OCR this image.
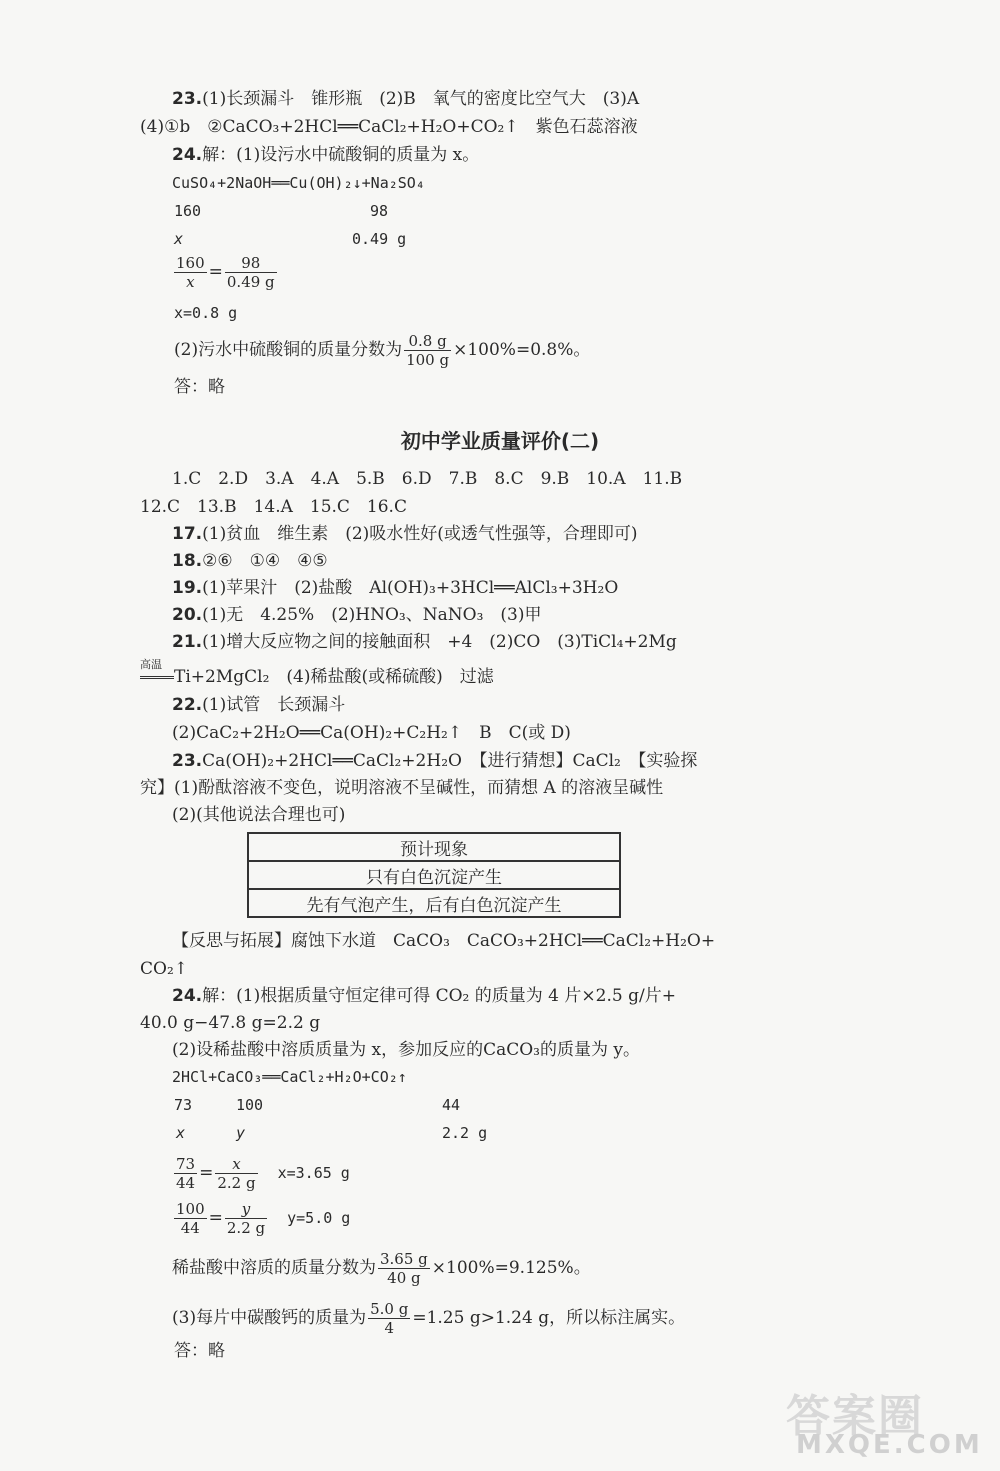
23.(1)长颈漏斗　锥形瓶　(2)B　氧气的密度比空气大　(3)A
(4)①b　②CaCO₃+2HCl══CaCl₂+H₂O+CO₂↑　紫色石蕊溶液
24.解：(1)设污水中硫酸铜的质量为 x。
CuSO₄+2NaOH══Cu(OH)₂↓+Na₂SO₄
160	98
x	0.49 g
$\frac{160}{x} = \frac{98}{0.49 g}$
x=0.8 g
(2)污水中硫酸铜的质量分数为 $\frac{0.8 g}{100 g} \times 100\%=0.8\%$。
答：略
初中学业质量评价(二)
1.C　2.D　3.A　4.A　5.B　6.D　7.B　8.C　9.B　10.A　11.B
12.C　13.B　14.A　15.C　16.C
17.(1)贫血　维生素　(2)吸水性好(或透气性强等，合理即可)
18.②⑥　①④　④⑤
19.(1)苹果汁　(2)盐酸　Al(OH)₃+3HCl══AlCl₃+3H₂O
20.(1)无　4.25%　(2)HNO₃、NaNO₃　(3)甲
21.(1)增大反应物之间的接触面积　+4　(2)CO　(3)TiCl₄+2Mg
高温
Ti+2MgCl₂　(4)稀盐酸(或稀硫酸)　过滤
22.(1)试管　长颈漏斗
(2)CaC₂+2H₂O══Ca(OH)₂+C₂H₂↑　B　C(或 D)
23.Ca(OH)₂+2HCl══CaCl₂+2H₂O　【进行猜想】CaCl₂　【实验探
究】(1)酚酞溶液不变色，说明溶液不呈碱性，而猜想 A 的溶液呈碱性
(2)(其他说法合理也可)
预计现象
只有白色沉淀产生
先有气泡产生，后有白色沉淀产生
【反思与拓展】腐蚀下水道　CaCO₃　CaCO₃+2HCl══CaCl₂+H₂O+
CO₂↑
24.解：(1)根据质量守恒定律可得 CO₂ 的质量为 4 片×2.5 g/片+
40.0 g−47.8 g=2.2 g
(2)设稀盐酸中溶质质量为 x，参加反应的CaCO₃的质量为 y。
2HCl+CaCO₃══CaCl₂+H₂O+CO₂↑
73	100	44
x	y	2.2 g
$\frac{73}{44} = \frac{x}{2.2 g} x=3.65$ g
$\frac{100}{44} = \frac{y}{2.2 g} y=5.0$ g
稀盐酸中溶质的质量分数为 $\frac{3.65 g}{40 g} \times 100\%=9.125\%$。
(3)每片中碳酸钙的质量为 $\frac{5.0 g}{4} =1.25$ g>1.24 g，所以标注属实。
答：略
答案圈
MXQE.COM
